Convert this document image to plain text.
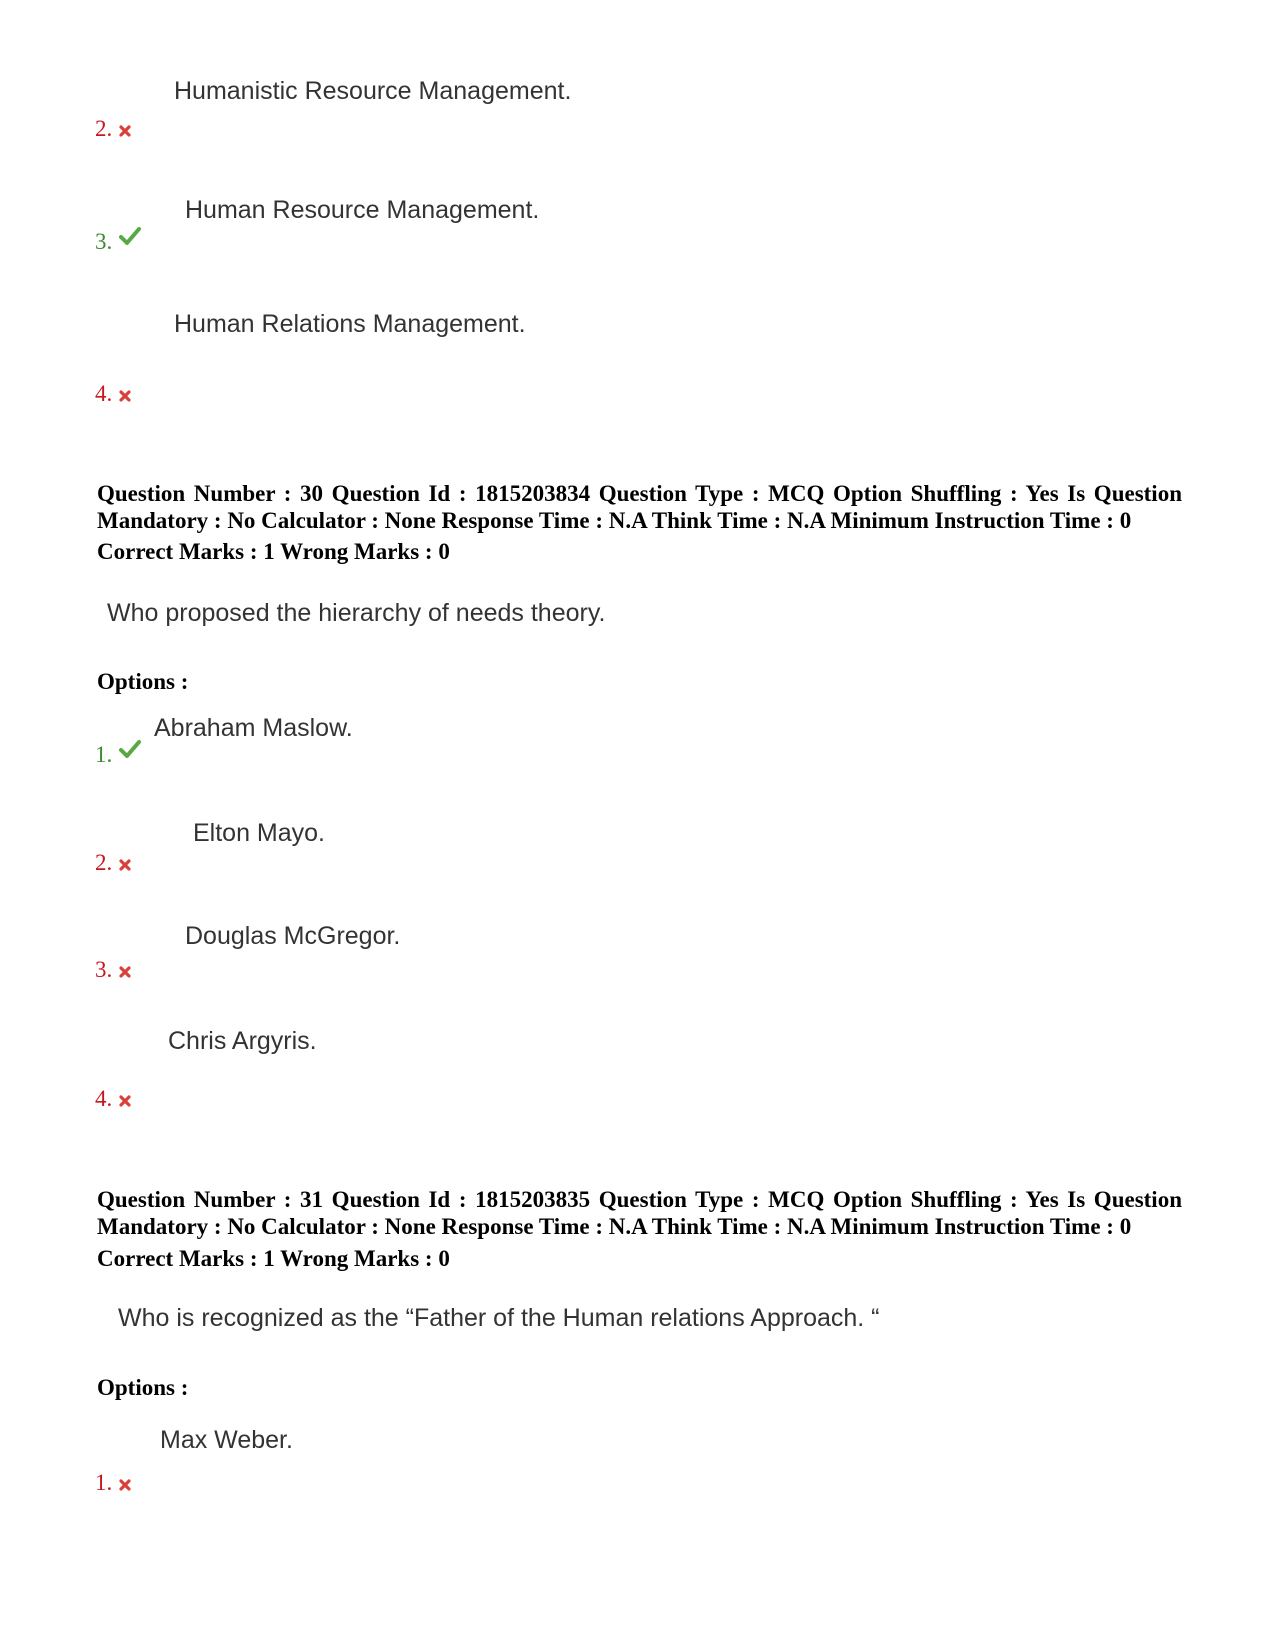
Humanistic Resource Management.
2.
Human Resource Management.
3.
Human Relations Management.
4.
Question Number : 30 Question Id : 1815203834 Question Type : MCQ Option Shuffling : Yes Is Question Mandatory : No Calculator : None Response Time : N.A Think Time : N.A Minimum Instruction Time : 0
Correct Marks : 1 Wrong Marks : 0
Who proposed the hierarchy of needs theory.
Options :
Abraham Maslow.
1.
Elton Mayo.
2.
Douglas McGregor.
3.
Chris Argyris.
4.
Question Number : 31 Question Id : 1815203835 Question Type : MCQ Option Shuffling : Yes Is Question Mandatory : No Calculator : None Response Time : N.A Think Time : N.A Minimum Instruction Time : 0
Correct Marks : 1 Wrong Marks : 0
Who is recognized as the “Father of the Human relations Approach. “
Options :
Max Weber.
1.
